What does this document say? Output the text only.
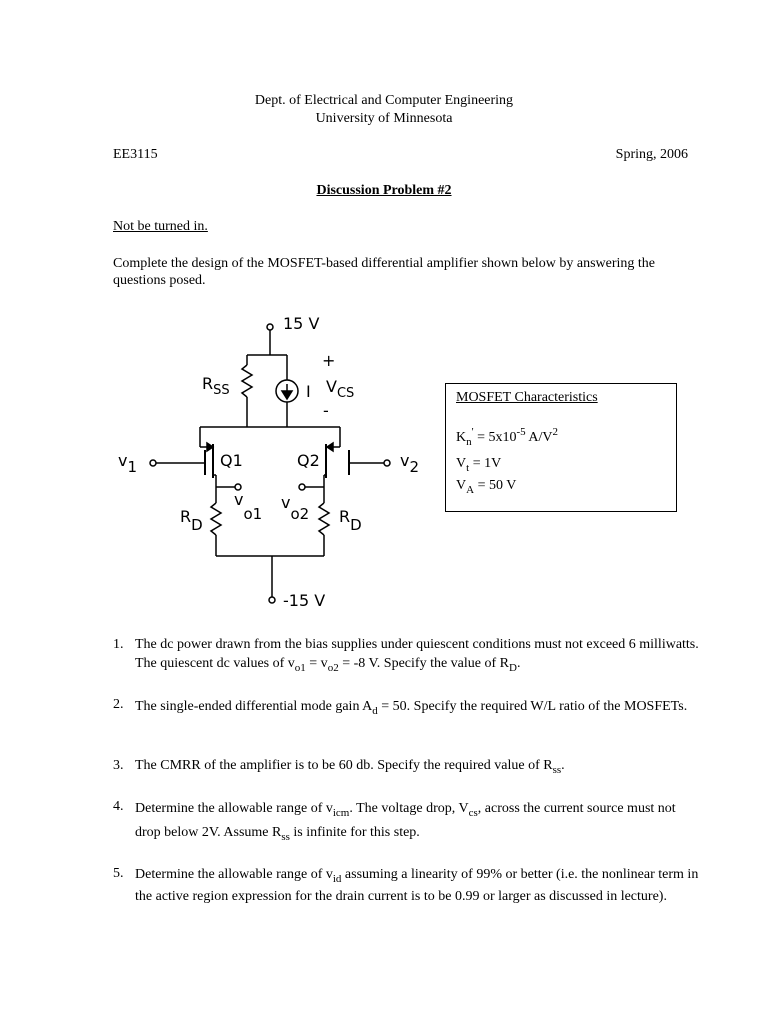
Dept. of Electrical and Computer Engineering
University of Minnesota
EE3115	Spring, 2006
Discussion Problem #2
Not be turned in.

Complete the design of the MOSFET-based differential amplifier shown below by answering the questions posed.

15 V
-15 V
$R_{SS}$	I
+
$V_{CS}$
-
Q1	Q2
v1	v2
vo1
vo2
RD	RD
MOSFET Characteristics
$K_n' = 5x10^{-5}$ $A/V^2$
$V_t = 1V$
$V_A = 50$ V
1. The dc power drawn from the bias supplies under quiescent conditions must not exceed 6 milliwatts. The quiescent dc values of $v_{o1} = v_{o2} = -8$ V. Specify the value of $R_D$.
2. The single-ended differential mode gain $A_d = 50$. Specify the required W/L ratio of the MOSFETs.
3. The CMRR of the amplifier is to be 60 db. Specify the required value of $R_{ss}$.
4. Determine the allowable range of $v_{icm}$. The voltage drop, $V_{cs}$, across the current source must not drop below 2V. Assume $R_{ss}$ is infinite for this step.
5. Determine the allowable range of $v_{id}$ assuming a linearity of 99% or better (i.e. the nonlinear term in the active region expression for the drain current is to be 0.99 or larger as discussed in lecture).
